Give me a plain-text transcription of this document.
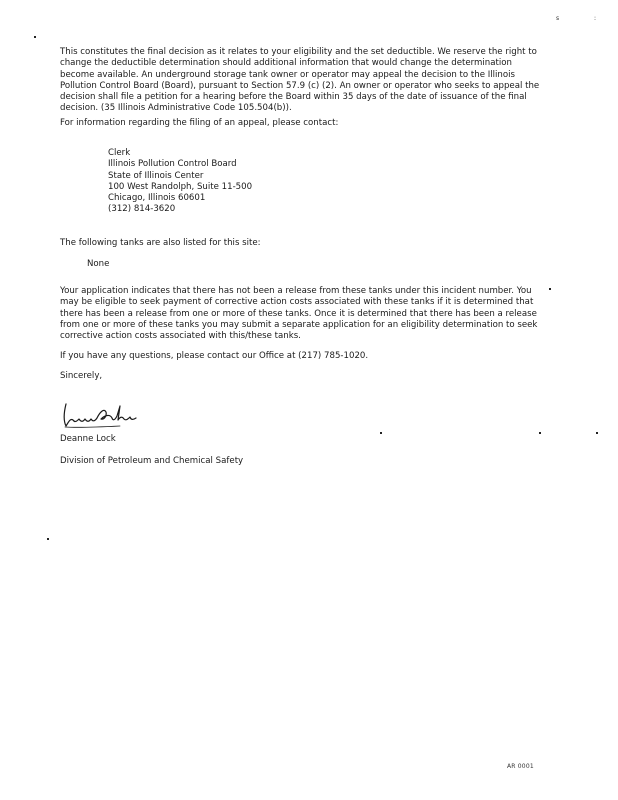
s	:

This constitutes the final decision as it relates to your eligibility and the set deductible. We reserve the right to change the deductible determination should additional information that would change the determination become available. An underground storage tank owner or operator may appeal the decision to the Illinois Pollution Control Board (Board), pursuant to Section 57.9 (c) (2). An owner or operator who seeks to appeal the decision shall file a petition for a hearing before the Board within 35 days of the date of issuance of the final decision. (35 Illinois Administrative Code 105.504(b)).

For information regarding the filing of an appeal, please contact:

Clerk
Illinois Pollution Control Board
State of Illinois Center
100 West Randolph, Suite 11-500
Chicago, Illinois 60601
(312) 814-3620

The following tanks are also listed for this site:

None

Your application indicates that there has not been a release from these tanks under this incident number. You may be eligible to seek payment of corrective action costs associated with these tanks if it is determined that there has been a release from one or more of these tanks. Once it is determined that there has been a release from one or more of these tanks you may submit a separate application for an eligibility determination to seek corrective action costs associated with this/these tanks.

If you have any questions, please contact our Office at (217) 785-1020.

Sincerely,

Deanne Lock

Division of Petroleum and Chemical Safety

AR 0001
